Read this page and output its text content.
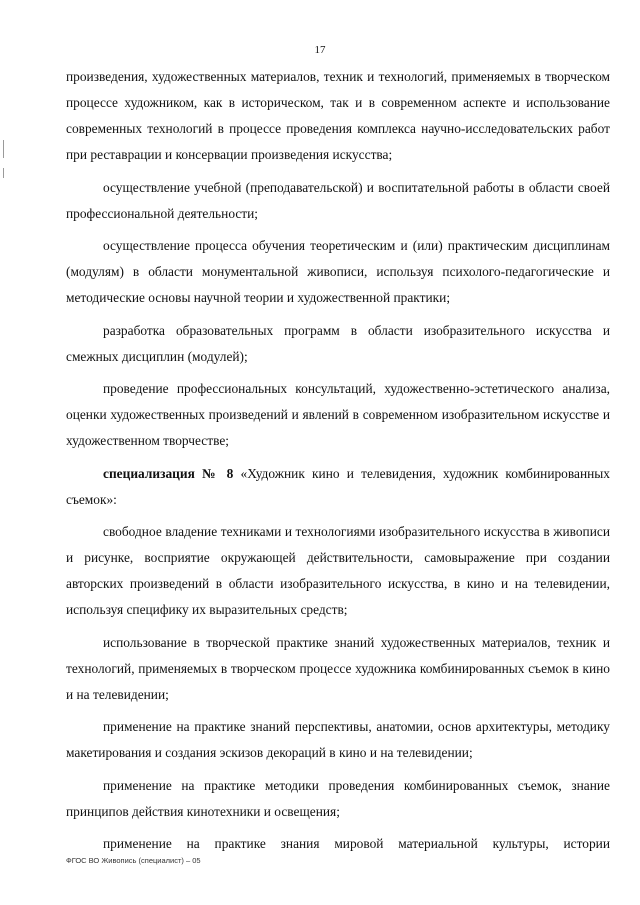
17

произведения, художественных материалов, техник и технологий, применяемых в творческом процессе художником, как в историческом, так и в современном аспекте и использование современных технологий в процессе проведения комплекса научно-исследовательских работ при реставрации и консервации произведения искусства;

осуществление учебной (преподавательской) и воспитательной работы в области своей профессиональной деятельности;

осуществление процесса обучения теоретическим и (или) практическим дисциплинам (модулям) в области монументальной живописи, используя психолого-педагогические и методические основы научной теории и художественной практики;

разработка образовательных программ в области изобразительного искусства и смежных дисциплин (модулей);

проведение профессиональных консультаций, художественно-эстетического анализа, оценки художественных произведений и явлений в современном изобразительном искусстве и художественном творчестве;

специализация № 8 «Художник кино и телевидения, художник комбинированных съемок»:

свободное владение техниками и технологиями изобразительного искусства в живописи и рисунке, восприятие окружающей действительности, самовыражение при создании авторских произведений в области изобразительного искусства, в кино и на телевидении, используя специфику их выразительных средств;

использование в творческой практике знаний художественных материалов, техник и технологий, применяемых в творческом процессе художника комбинированных съемок в кино и на телевидении;

применение на практике знаний перспективы, анатомии, основ архитектуры, методику макетирования и создания эскизов декораций в кино и на телевидении;

применение на практике методики проведения комбинированных съемок, знание принципов действия кинотехники и освещения;

применение на практике знания мировой материальной культуры, истории

ФГОС ВО Живопись (специалист) – 05
